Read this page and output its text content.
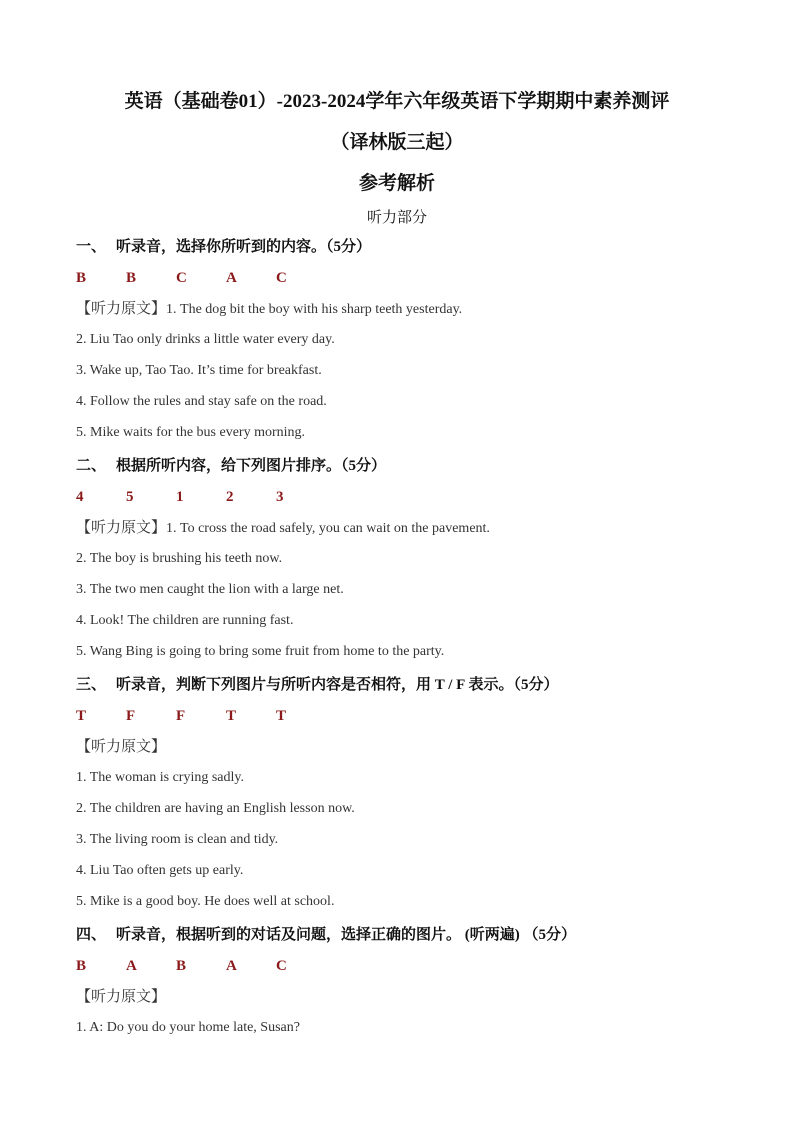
英语（基础卷01）-2023-2024学年六年级英语下学期期中素养测评
（译林版三起）
参考解析
听力部分
一、 听录音，选择你所听到的内容。（5分）
B	B	C	A	C
【听力原文】1. The dog bit the boy with his sharp teeth yesterday.
2. Liu Tao only drinks a little water every day.
3. Wake up, Tao Tao. It’s time for breakfast.
4. Follow the rules and stay safe on the road.
5. Mike waits for the bus every morning.
二、 根据所听内容，给下列图片排序。（5分）
4	5	1	2	3
【听力原文】1. To cross the road safely, you can wait on the pavement.
2. The boy is brushing his teeth now.
3. The two men caught the lion with a large net.
4. Look! The children are running fast.
5. Wang Bing is going to bring some fruit from home to the party.
三、 听录音，判断下列图片与所听内容是否相符，用 T / F 表示。（5分）
T	F	F	T	T
【听力原文】
1. The woman is crying sadly.
2. The children are having an English lesson now.
3. The living room is clean and tidy.
4. Liu Tao often gets up early.
5. Mike is a good boy. He does well at school.
四、 听录音，根据听到的对话及问题，选择正确的图片。 (听两遍) （5分）
B	A	B	A	C
【听力原文】
1. A: Do you do your home late, Susan?
